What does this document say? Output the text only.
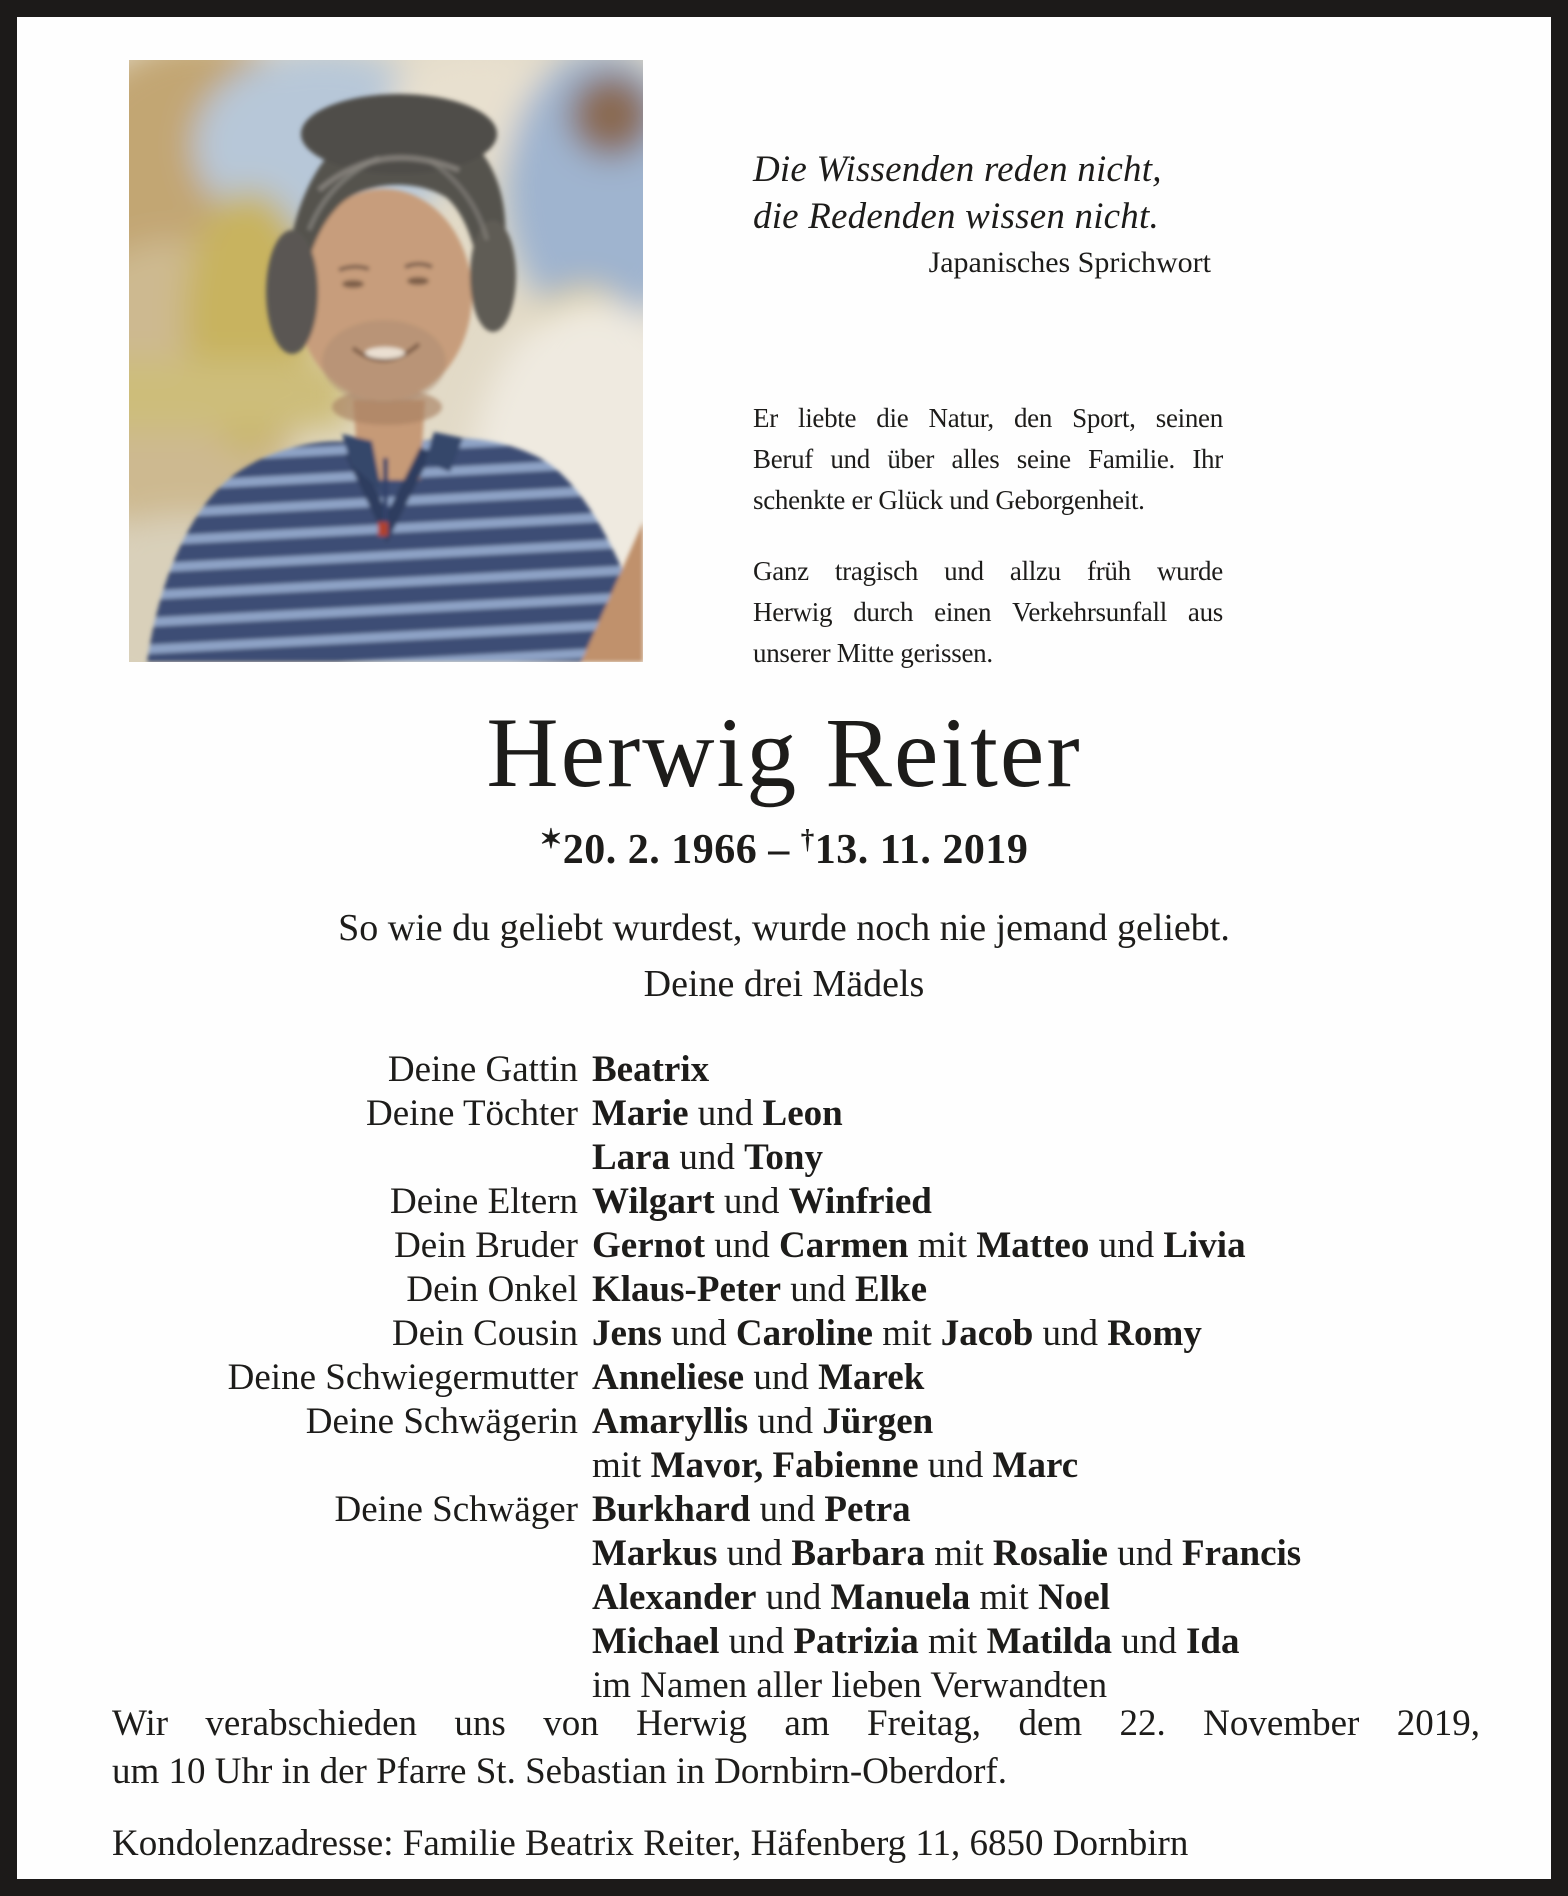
Die Wissenden reden nicht,
die Redenden wissen nicht.
Japanisches Sprichwort
Er liebte die Natur, den Sport, seinen
Beruf und über alles seine Familie. Ihr
schenkte er Glück und Geborgenheit.
Ganz tragisch und allzu früh wurde
Herwig durch einen Verkehrsunfall aus
unserer Mitte gerissen.
Herwig Reiter
✶20. 2. 1966 – †13. 11. 2019
So wie du geliebt wurdest, wurde noch nie jemand geliebt.
Deine drei Mädels
Deine Gattin Beatrix
Deine Töchter Marie und Leon
Lara und Tony
Deine Eltern Wilgart und Winfried
Dein Bruder Gernot und Carmen mit Matteo und Livia
Dein Onkel Klaus-Peter und Elke
Dein Cousin Jens und Caroline mit Jacob und Romy
Deine Schwiegermutter Anneliese und Marek
Deine Schwägerin Amaryllis und Jürgen
mit Mavor, Fabienne und Marc
Deine Schwäger Burkhard und Petra
Markus und Barbara mit Rosalie und Francis
Alexander und Manuela mit Noel
Michael und Patrizia mit Matilda und Ida
im Namen aller lieben Verwandten
Wir verabschieden uns von Herwig am Freitag, dem 22. November 2019,
um 10 Uhr in der Pfarre St. Sebastian in Dornbirn-Oberdorf.
Kondolenzadresse: Familie Beatrix Reiter, Häfenberg 11, 6850 Dornbirn
